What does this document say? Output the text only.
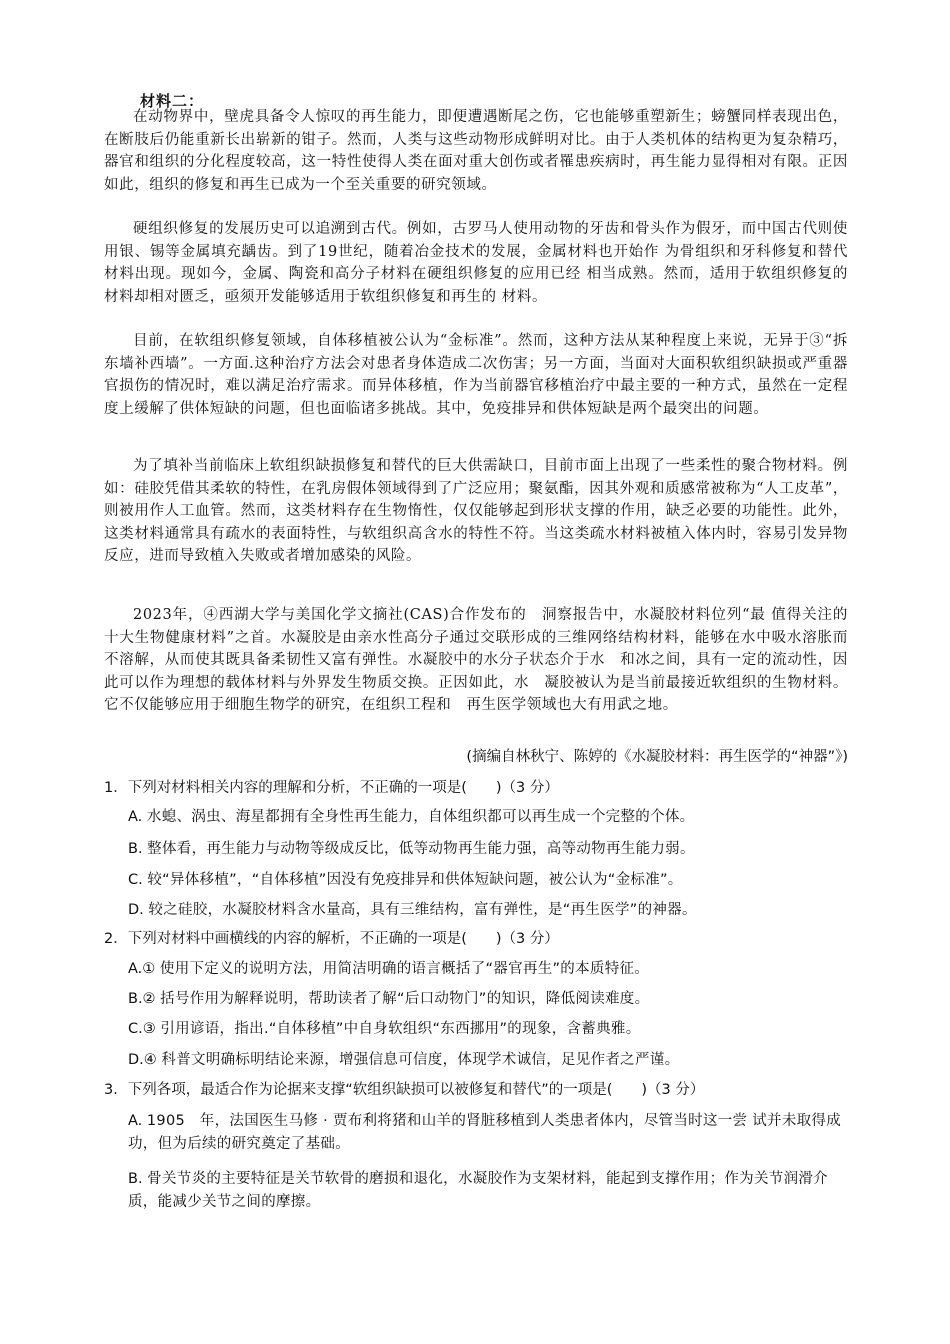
材料二：

在动物界中，壁虎具备令人惊叹的再生能力，即便遭遇断尾之伤，它也能够重塑新生；螃蟹同样表现出色，在断肢后仍能重新长出崭新的钳子。然而，人类与这些动物形成鲜明对比。由于人类机体的结构更为复杂精巧，器官和组织的分化程度较高，这一特性使得人类在面对重大创伤或者罹患疾病时，再生能力显得相对有限。正因如此，组织的修复和再生已成为一个至关重要的研究领域。

硬组织修复的发展历史可以追溯到古代。例如，古罗马人使用动物的牙齿和骨头作为假牙，而中国古代则使用银、锡等金属填充龋齿。到了19世纪，随着冶金技术的发展，金属材料也开始作 为骨组织和牙科修复和替代材料出现。现如今，金属、陶瓷和高分子材料在硬组织修复的应用已经 相当成熟。然而，适用于软组织修复的材料却相对匮乏，亟须开发能够适用于软组织修复和再生的 材料。

目前，在软组织修复领域，自体移植被公认为“金标准”。然而，这种方法从某种程度上来说，无异于③“拆东墙补西墙”。一方面.这种治疗方法会对患者身体造成二次伤害；另一方面，当面对大面积软组织缺损或严重器官损伤的情况时，难以满足治疗需求。而异体移植，作为当前器官移植治疗中最主要的一种方式，虽然在一定程度上缓解了供体短缺的问题，但也面临诸多挑战。其中，免疫排异和供体短缺是两个最突出的问题。

为了填补当前临床上软组织缺损修复和替代的巨大供需缺口，目前市面上出现了一些柔性的聚合物材料。例如：硅胶凭借其柔软的特性，在乳房假体领域得到了广泛应用；聚氨酯，因其外观和质感常被称为“人工皮革”，则被用作人工血管。然而，这类材料存在生物惰性，仅仅能够起到形状支撑的作用，缺乏必要的功能性。此外，这类材料通常具有疏水的表面特性，与软组织高含水的特性不符。当这类疏水材料被植入体内时，容易引发异物反应，进而导致植入失败或者增加感染的风险。

2023年，④西湖大学与美国化学文摘社(CAS)合作发布的　洞察报告中，水凝胶材料位列“最 值得关注的十大生物健康材料”之首。水凝胶是由亲水性高分子通过交联形成的三维网络结构材料，能够在水中吸水溶胀而不溶解，从而使其既具备柔韧性又富有弹性。水凝胶中的水分子状态介于水　和冰之间，具有一定的流动性，因此可以作为理想的载体材料与外界发生物质交换。正因如此，水　凝胶被认为是当前最接近软组织的生物材料。它不仅能够应用于细胞生物学的研究，在组织工程和　再生医学领域也大有用武之地。

(摘编自林秋宁、陈婷的《水凝胶材料：再生医学的“神器”》)
1．下列对材料相关内容的理解和分析，不正确的一项是(　　)（3 分）
A. 水螅、涡虫、海星都拥有全身性再生能力，自体组织都可以再生成一个完整的个体。
B. 整体看，再生能力与动物等级成反比，低等动物再生能力强，高等动物再生能力弱。
C. 较“异体移植”，“自体移植”因没有免疫排异和供体短缺问题，被公认为“金标准”。
D. 较之硅胶，水凝胶材料含水量高，具有三维结构，富有弹性，是“再生医学”的神器。
2．下列对材料中画横线的内容的解析，不正确的一项是(　　)（3 分）
A.① 使用下定义的说明方法，用简洁明确的语言概括了“器官再生”的本质特征。
B.② 括号作用为解释说明，帮助读者了解“后口动物门”的知识，降低阅读难度。
C.③ 引用谚语，指出.“自体移植”中自身软组织“东西挪用”的现象，含蓄典雅。
D.④ 科普文明确标明结论来源，增强信息可信度，体现学术诚信，足见作者之严谨。
3．下列各项，最适合作为论据来支撑“软组织缺损可以被修复和替代”的一项是(　　)（3 分）
A. 1905　年，法国医生马修 · 贾布利将猪和山羊的肾脏移植到人类患者体内，尽管当时这一尝 试并未取得成功，但为后续的研究奠定了基础。
B. 骨关节炎的主要特征是关节软骨的磨损和退化，水凝胶作为支架材料，能起到支撑作用；作为关节润滑介质，能减少关节之间的摩擦。
